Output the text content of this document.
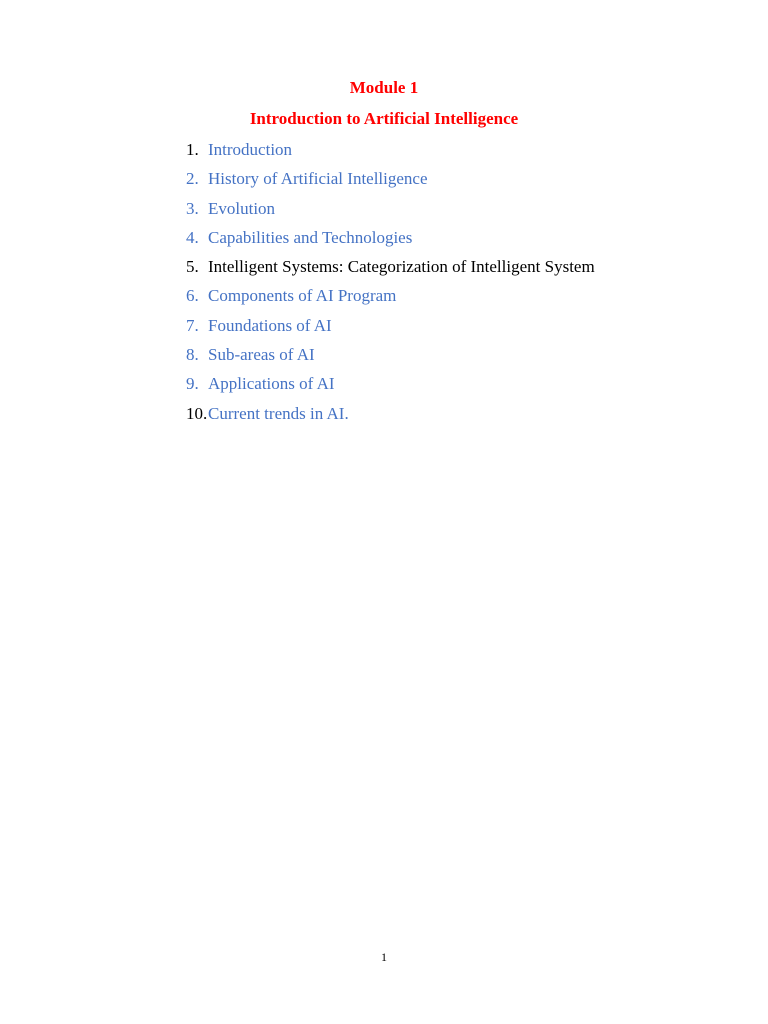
Module 1
Introduction to Artificial Intelligence
1. Introduction
2. History of Artificial Intelligence
3. Evolution
4. Capabilities and Technologies
5. Intelligent Systems: Categorization of Intelligent System
6. Components of AI Program
7. Foundations of AI
8. Sub-areas of AI
9. Applications of AI
10. Current trends in AI.
1
